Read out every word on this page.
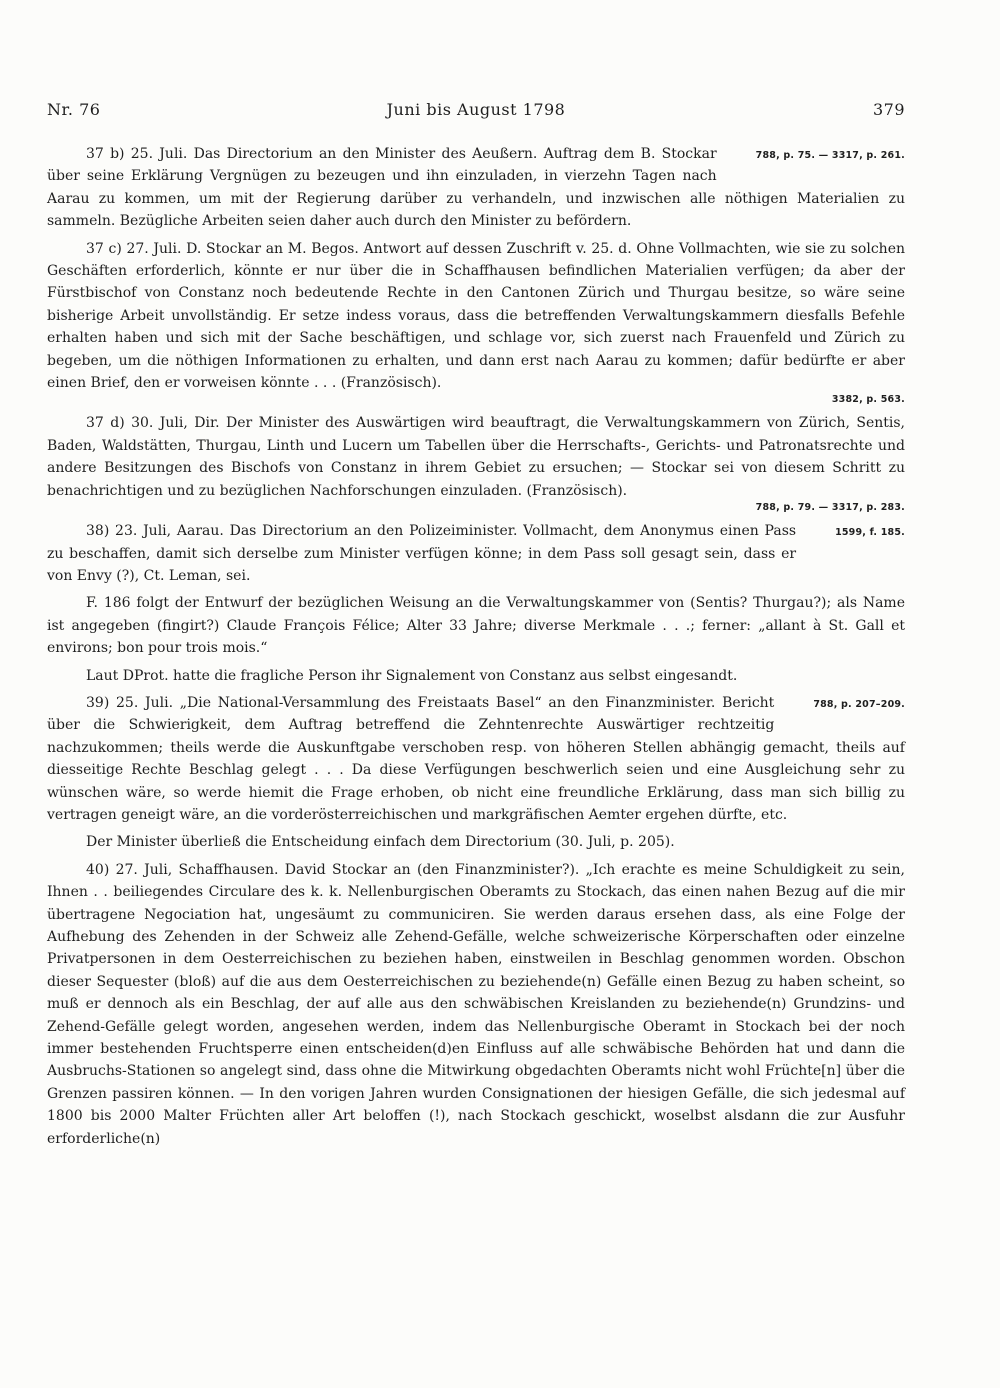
Nr. 76	Juni bis August 1798	379

788, p. 75. — 3317, p. 261.
37 b) 25. Juli. Das Directorium an den Minister des Aeußern. Auftrag dem B. Stockar über seine Erklärung Vergnügen zu bezeugen und ihn einzuladen, in vierzehn Tagen nach Aarau zu kommen, um mit der Regierung darüber zu verhandeln, und inzwischen alle nöthigen Materialien zu sammeln. Bezügliche Arbeiten seien daher auch durch den Minister zu befördern.

37 c) 27. Juli. D. Stockar an M. Begos. Antwort auf dessen Zuschrift v. 25. d. Ohne Vollmachten, wie sie zu solchen Geschäften erforderlich, könnte er nur über die in Schaffhausen befindlichen Materialien verfügen; da aber der Fürstbischof von Constanz noch bedeutende Rechte in den Cantonen Zürich und Thurgau besitze, so wäre seine bisherige Arbeit unvollständig. Er setze indess voraus, dass die betreffenden Verwaltungskammern diesfalls Befehle erhalten haben und sich mit der Sache beschäftigen, und schlage vor, sich zuerst nach Frauenfeld und Zürich zu begeben, um die nöthigen Informationen zu erhalten, und dann erst nach Aarau zu kommen; dafür bedürfte er aber einen Brief, den er vorweisen könnte . . . (Französisch).
3382, p. 563.

37 d) 30. Juli, Dir. Der Minister des Auswärtigen wird beauftragt, die Verwaltungskammern von Zürich, Sentis, Baden, Waldstätten, Thurgau, Linth und Lucern um Tabellen über die Herrschafts-, Gerichts- und Patronatsrechte und andere Besitzungen des Bischofs von Constanz in ihrem Gebiet zu ersuchen; — Stockar sei von diesem Schritt zu benachrichtigen und zu bezüglichen Nachforschungen einzuladen. (Französisch).
788, p. 79. — 3317, p. 283.

1599, f. 185.
38) 23. Juli, Aarau. Das Directorium an den Polizeiminister. Vollmacht, dem Anonymus einen Pass zu beschaffen, damit sich derselbe zum Minister verfügen könne; in dem Pass soll gesagt sein, dass er von Envy (?), Ct. Leman, sei.

F. 186 folgt der Entwurf der bezüglichen Weisung an die Verwaltungskammer von (Sentis? Thurgau?); als Name ist angegeben (fingirt?) Claude François Félice; Alter 33 Jahre; diverse Merkmale . . .; ferner: „allant à St. Gall et environs; bon pour trois mois.“

Laut DProt. hatte die fragliche Person ihr Signalement von Constanz aus selbst eingesandt.

788, p. 207–209.
39) 25. Juli. „Die National-Versammlung des Freistaats Basel“ an den Finanzminister. Bericht über die Schwierigkeit, dem Auftrag betreffend die Zehntenrechte Auswärtiger rechtzeitig nachzukommen; theils werde die Auskunftgabe verschoben resp. von höheren Stellen abhängig gemacht, theils auf diesseitige Rechte Beschlag gelegt . . . Da diese Verfügungen beschwerlich seien und eine Ausgleichung sehr zu wünschen wäre, so werde hiemit die Frage erhoben, ob nicht eine freundliche Erklärung, dass man sich billig zu vertragen geneigt wäre, an die vorderösterreichischen und markgräfischen Aemter ergehen dürfte, etc.

Der Minister überließ die Entscheidung einfach dem Directorium (30. Juli, p. 205).

40) 27. Juli, Schaffhausen. David Stockar an (den Finanzminister?). „Ich erachte es meine Schuldigkeit zu sein, Ihnen . . beiliegendes Circulare des k. k. Nellenburgischen Oberamts zu Stockach, das einen nahen Bezug auf die mir übertragene Negociation hat, ungesäumt zu communiciren. Sie werden daraus ersehen dass, als eine Folge der Aufhebung des Zehenden in der Schweiz alle Zehend-Gefälle, welche schweizerische Körperschaften oder einzelne Privatpersonen in dem Oesterreichischen zu beziehen haben, einstweilen in Beschlag genommen worden. Obschon dieser Sequester (bloß) auf die aus dem Oesterreichischen zu beziehende(n) Gefälle einen Bezug zu haben scheint, so muß er dennoch als ein Beschlag, der auf alle aus den schwäbischen Kreislanden zu beziehende(n) Grundzins- und Zehend-Gefälle gelegt worden, angesehen werden, indem das Nellenburgische Oberamt in Stockach bei der noch immer bestehenden Fruchtsperre einen entscheiden(d)en Einfluss auf alle schwäbische Behörden hat und dann die Ausbruchs-Stationen so angelegt sind, dass ohne die Mitwirkung obgedachten Oberamts nicht wohl Früchte[n] über die Grenzen passiren können. — In den vorigen Jahren wurden Consignationen der hiesigen Gefälle, die sich jedesmal auf 1800 bis 2000 Malter Früchten aller Art beloffen (!), nach Stockach geschickt, woselbst alsdann die zur Ausfuhr erforderliche(n)
